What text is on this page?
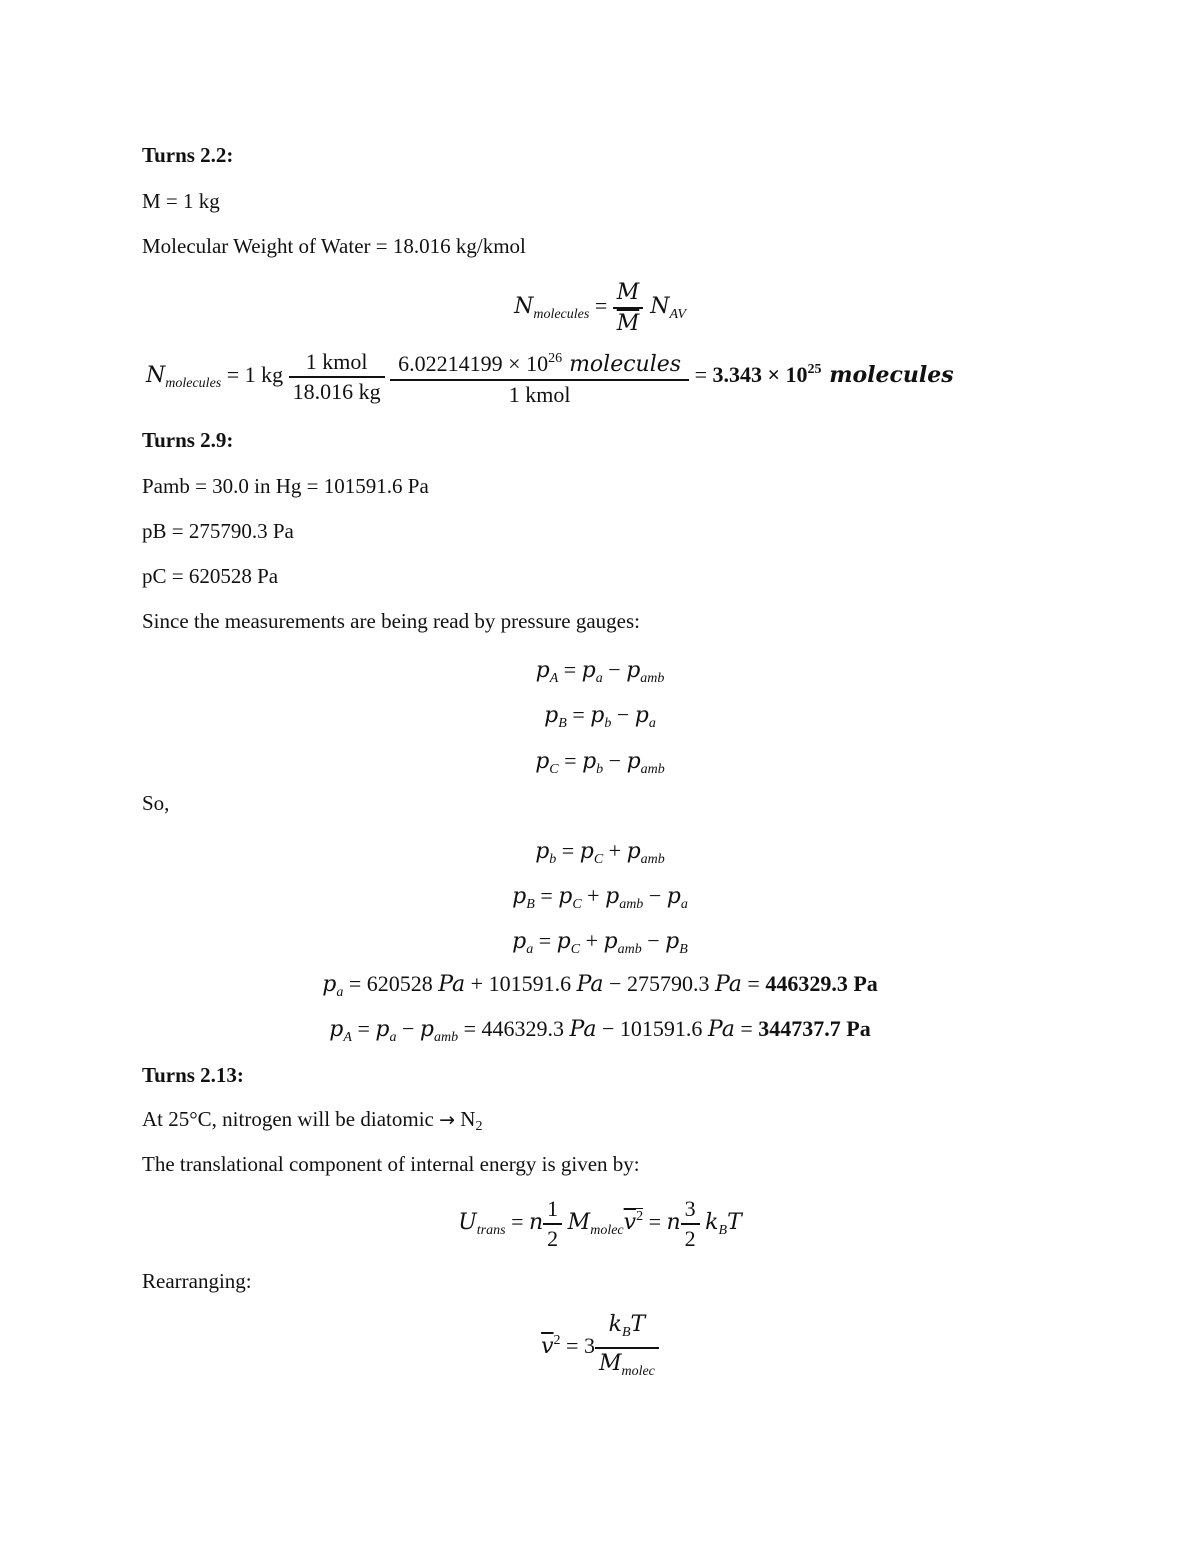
Turns 2.2:
M = 1 kg
Molecular Weight of Water = 18.016 kg/kmol
$N_{molecules} = \frac{M}{M} N_{AV}$
$N_{molecules} = 1$ kg $\frac{\text{1 kmol}}{18.016 kg}$
$\frac{6.02214199 \times 10^{26} molecules}{\text{1 kmol}} = 3.343 \times 10^{25}$ molecules
Turns 2.9:
Pamb = 30.0 in Hg = 101591.6 Pa
pB = 275790.3 Pa
pC = 620528 Pa
Since the measurements are being read by pressure gauges:
$p_A = p_a - p_{amb}$
$p_B = p_b - p_a$
$p_C = p_b - p_{amb}$
So,
$p_b = p_C + p_{amb}$
$p_B = p_C + p_{amb} - p_a$
$p_a = p_C + p_{amb} - p_B$
$p_a = 620528$ Pa + 101591.6 Pa − 275790.3 Pa = 446329.3 Pa
$p_A = p_a - p_{amb} = 446329.3$ Pa − 101591.6 Pa = 344737.7 Pa
Turns 2.13:
At 25°C, nitrogen will be diatomic → N2
The translational component of internal energy is given by:
$U_{trans} = n \frac{1}{2} M_{molec}\overline{v}^2 = n \frac{3}{2} k_BT$
Rearranging:
$\overline{v}^2 = 3 \frac{k_BT}{M_{molec}}$
